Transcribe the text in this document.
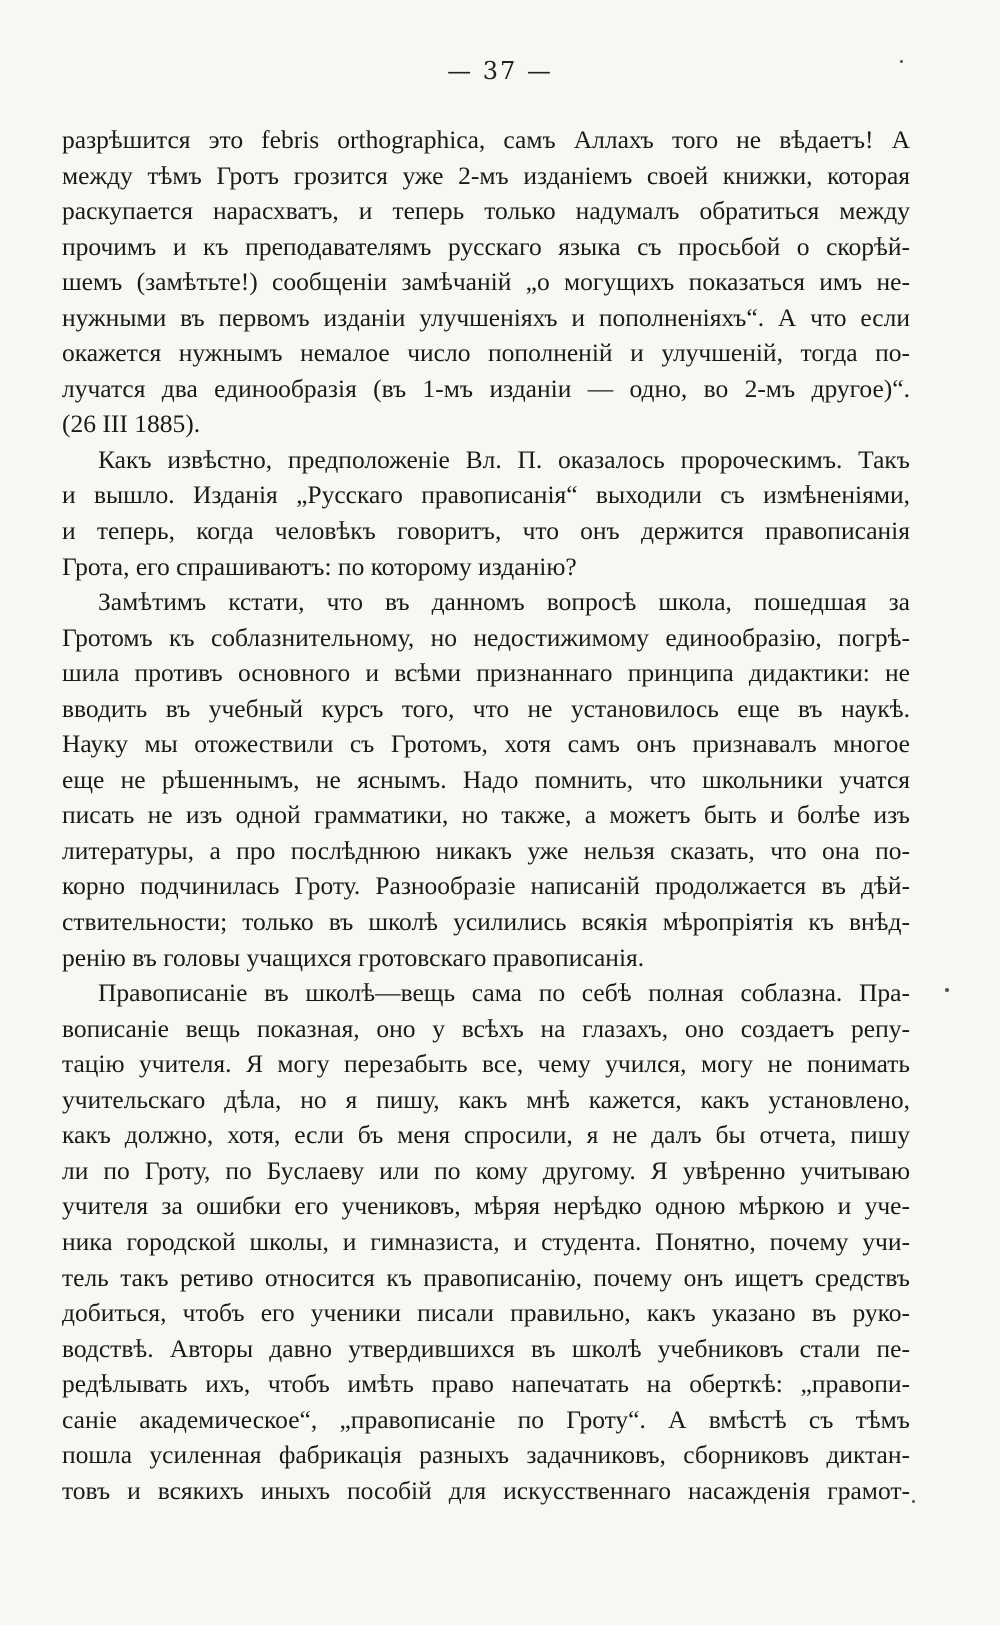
— 37 —
разрѣшится это febris orthographica, самъ Аллахъ того не вѣдаетъ! А
между тѣмъ Гротъ грозится уже 2-мъ изданіемъ своей книжки, которая
раскупается нарасхватъ, и теперь только надумалъ обратиться между
прочимъ и къ преподавателямъ русскаго языка съ просьбой о скорѣй-
шемъ (замѣтьте!) сообщеніи замѣчаній „о могущихъ показаться имъ не-
нужными въ первомъ изданіи улучшеніяхъ и пополненіяхъ“. А что если
окажется нужнымъ немалое число пополненій и улучшеній, тогда по-
лучатся два единообразія (въ 1-мъ изданіи — одно, во 2-мъ другое)“.
(26 III 1885).
Какъ извѣстно, предположеніе Вл. П. оказалось пророческимъ. Такъ
и вышло. Изданія „Русскаго правописанія“ выходили съ измѣненіями,
и теперь, когда человѣкъ говоритъ, что онъ держится правописанія
Грота, его спрашиваютъ: по которому изданію?
Замѣтимъ кстати, что въ данномъ вопросѣ школа, пошедшая за
Гротомъ къ соблазнительному, но недостижимому единообразію, погрѣ-
шила противъ основного и всѣми признаннаго принципа дидактики: не
вводить въ учебный курсъ того, что не установилось еще въ наукѣ.
Науку мы отожествили съ Гротомъ, хотя самъ онъ признавалъ многое
еще не рѣшеннымъ, не яснымъ. Надо помнить, что школьники учатся
писать не изъ одной грамматики, но также, а можетъ быть и болѣе изъ
литературы, а про послѣднюю никакъ уже нельзя сказать, что она по-
корно подчинилась Гроту. Разнообразіе написаній продолжается въ дѣй-
ствительности; только въ школѣ усилились всякія мѣропріятія къ внѣд-
ренію въ головы учащихся гротовскаго правописанія.
Правописаніе въ школѣ—вещь сама по себѣ полная соблазна. Пра-
вописаніе вещь показная, оно у всѣхъ на глазахъ, оно создаетъ репу-
тацію учителя. Я могу перезабыть все, чему учился, могу не понимать
учительскаго дѣла, но я пишу, какъ мнѣ кажется, какъ установлено,
какъ должно, хотя, если бъ меня спросили, я не далъ бы отчета, пишу
ли по Гроту, по Буслаеву или по кому другому. Я увѣренно учитываю
учителя за ошибки его учениковъ, мѣряя нерѣдко одною мѣркою и уче-
ника городской школы, и гимназиста, и студента. Понятно, почему учи-
тель такъ ретиво относится къ правописанію, почему онъ ищетъ средствъ
добиться, чтобъ его ученики писали правильно, какъ указано въ руко-
водствѣ. Авторы давно утвердившихся въ школѣ учебниковъ стали пе-
редѣлывать ихъ, чтобъ имѣть право напечатать на оберткѣ: „правопи-
саніе академическое“, „правописаніе по Гроту“. А вмѣстѣ съ тѣмъ
пошла усиленная фабрикація разныхъ задачниковъ, сборниковъ диктан-
товъ и всякихъ иныхъ пособій для искусственнаго насажденія грамот-
